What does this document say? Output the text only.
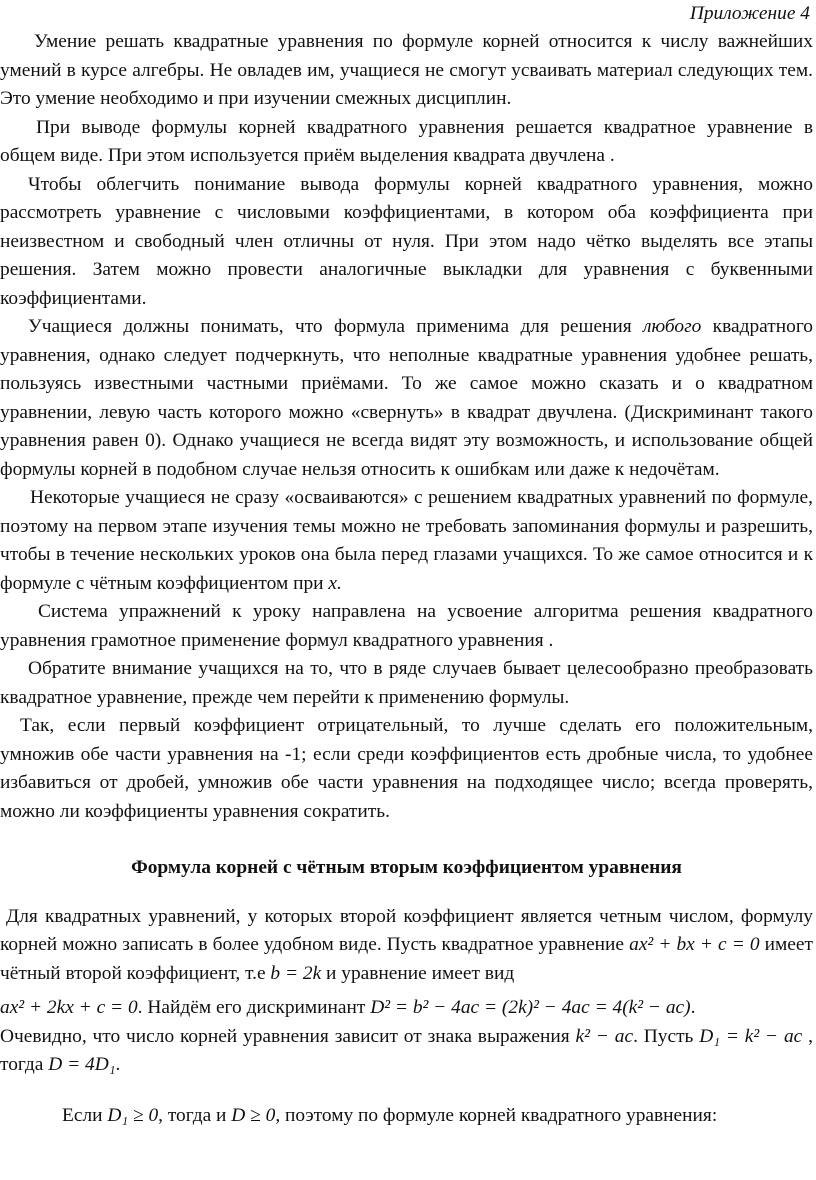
Приложение 4

Умение решать квадратные уравнения по формуле корней относится к числу важнейших умений в курсе алгебры. Не овладев им, учащиеся не смогут усваивать материал следующих тем. Это умение необходимо и при изучении смежных дисциплин.

При выводе формулы корней квадратного уравнения решается квадратное уравнение в общем виде. При этом используется приём выделения квадрата двучлена .

Чтобы облегчить понимание вывода формулы корней квадратного уравнения, можно рассмотреть уравнение с числовыми коэффициентами, в котором оба коэффициента при неизвестном и свободный член отличны от нуля. При этом надо чётко выделять все этапы решения. Затем можно провести аналогичные выкладки для уравнения с буквенными коэффициентами.

Учащиеся должны понимать, что формула применима для решения любого квадратного уравнения, однако следует подчеркнуть, что неполные квадратные уравнения удобнее решать, пользуясь известными частными приёмами. То же самое можно сказать и о квадратном уравнении, левую часть которого можно «свернуть» в квадрат двучлена. (Дискриминант такого уравнения равен 0). Однако учащиеся не всегда видят эту возможность, и использование общей формулы корней в подобном случае нельзя относить к ошибкам или даже к недочётам.

Некоторые учащиеся не сразу «осваиваются» с решением квадратных уравнений по формуле, поэтому на первом этапе изучения темы можно не требовать запоминания формулы и разрешить, чтобы в течение нескольких уроков она была перед глазами учащихся. То же самое относится и к формуле с чётным коэффициентом при x.

Система упражнений к уроку направлена на усвоение алгоритма решения квадратного уравнения грамотное применение формул квадратного уравнения .

Обратите внимание учащихся на то, что в ряде случаев бывает целесообразно преобразовать квадратное уравнение, прежде чем перейти к применению формулы.

Так, если первый коэффициент отрицательный, то лучше сделать его положительным, умножив обе части уравнения на -1; если среди коэффициентов есть дробные числа, то удобнее избавиться от дробей, умножив обе части уравнения на подходящее число; всегда проверять, можно ли коэффициенты уравнения сократить.

Формула корней с чётным вторым коэффициентом уравнения

Для квадратных уравнений, у которых второй коэффициент является четным числом, формулу корней можно записать в более удобном виде. Пусть квадратное уравнение ax² + bx + c = 0 имеет чётный второй коэффициент, т.е b = 2k и уравнение имеет вид

ax² + 2kx + c = 0. Найдём его дискриминант D² = b² − 4ac = (2k)² − 4ac = 4(k² − ac).

Очевидно, что число корней уравнения зависит от знака выражения k² − ac. Пусть D₁ = k² − ac , тогда D = 4D₁.

Если D₁ ≥ 0, тогда и D ≥ 0, поэтому по формуле корней квадратного уравнения:
